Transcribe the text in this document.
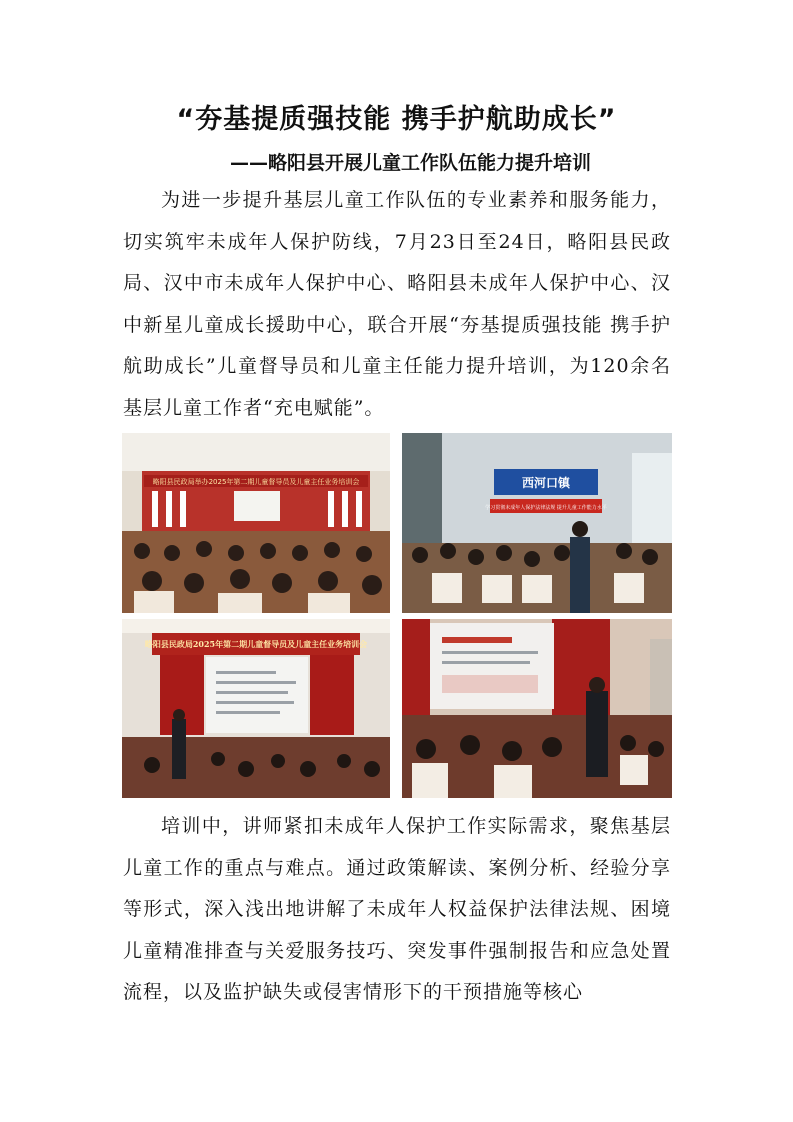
“夯基提质强技能 携手护航助成长”
——略阳县开展儿童工作队伍能力提升培训

为进一步提升基层儿童工作队伍的专业素养和服务能力，切实筑牢未成年人保护防线，7月23日至24日，略阳县民政局、汉中市未成年人保护中心、略阳县未成年人保护中心、汉中新星儿童成长援助中心，联合开展“夯基提质强技能 携手护航助成长”儿童督导员和儿童主任能力提升培训，为120余名基层儿童工作者“充电赋能”。

略阳县民政局举办2025年第二期儿童督导员及儿童主任业务培训会	西河口镇
学习贯彻未成年人保护法律法规 提升儿童工作能力水平
略阳县民政局2025年第二期儿童督导员及儿童主任业务培训会

培训中，讲师紧扣未成年人保护工作实际需求，聚焦基层儿童工作的重点与难点。通过政策解读、案例分析、经验分享等形式，深入浅出地讲解了未成年人权益保护法律法规、困境儿童精准排查与关爱服务技巧、突发事件强制报告和应急处置流程，以及监护缺失或侵害情形下的干预措施等核心
